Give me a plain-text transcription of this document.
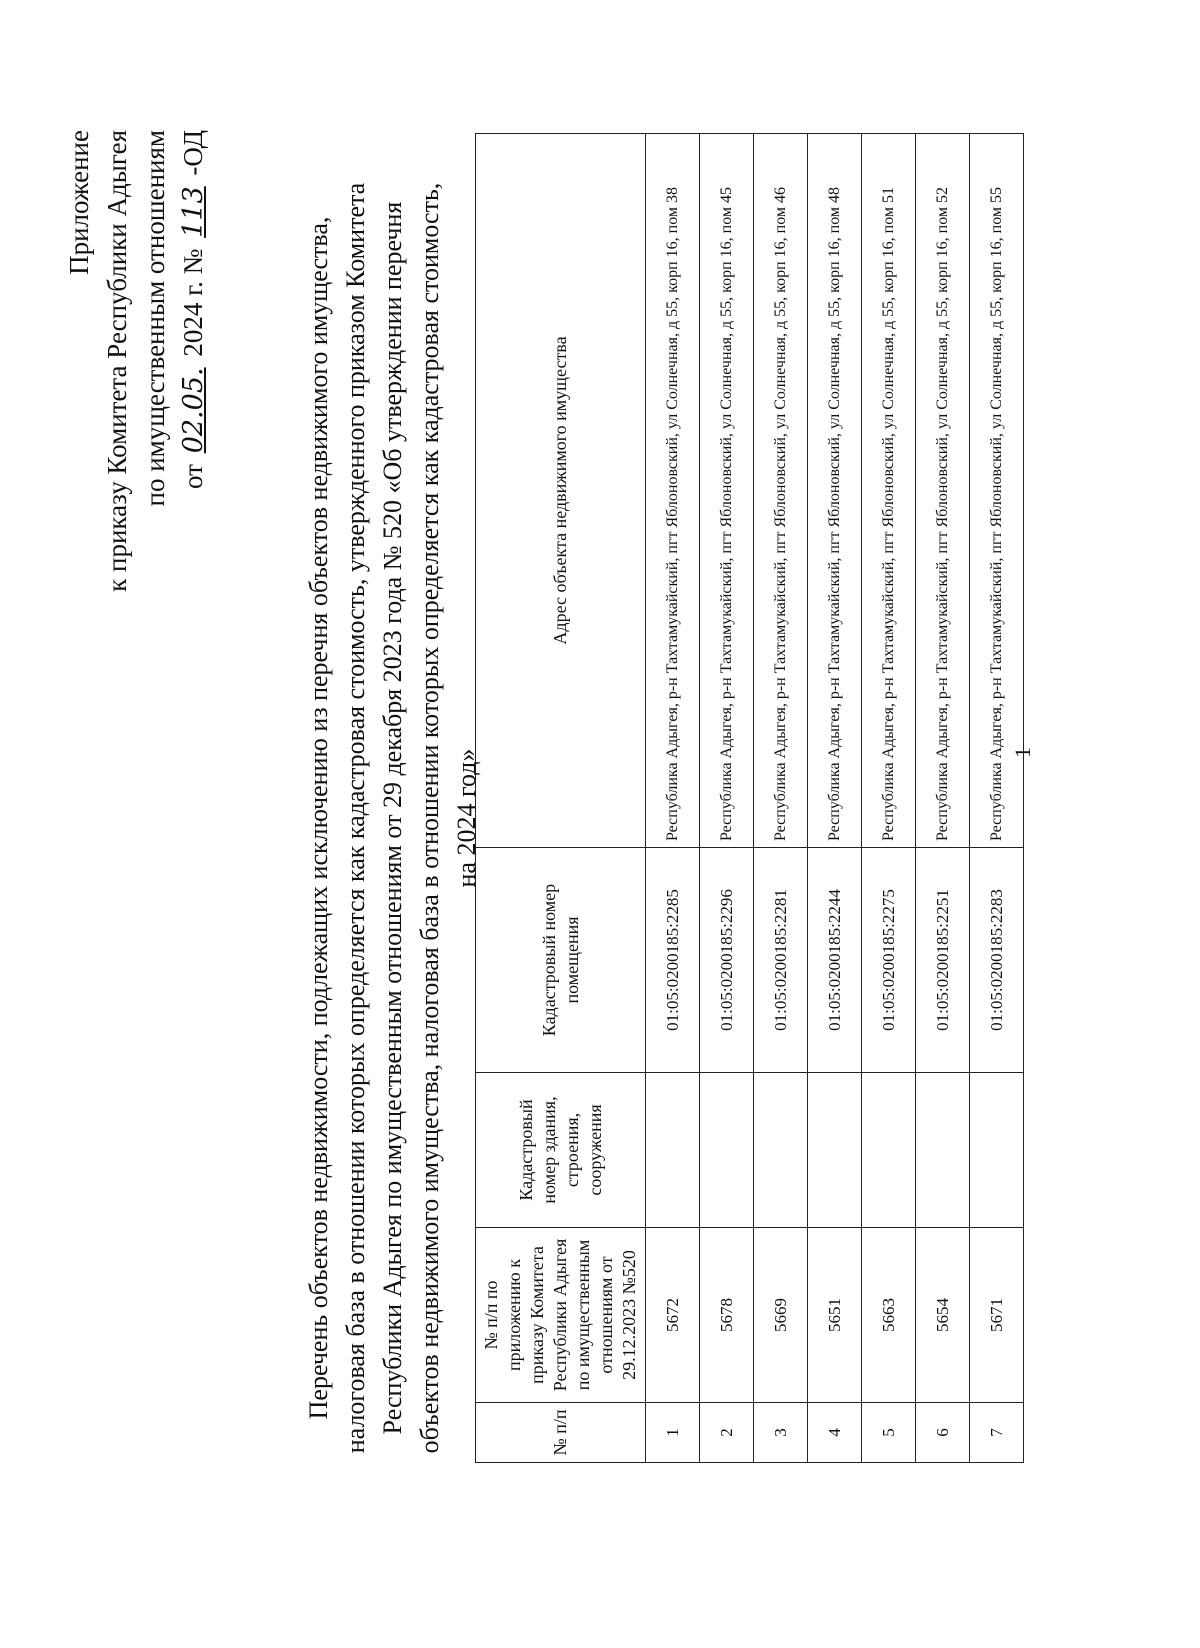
Приложение к приказу Комитета Республики Адыгея по имущественным отношениям от 02.05. 2024 г. № 113 -ОД
Перечень объектов недвижимости, подлежащих исключению из перечня объектов недвижимого имущества, налоговая база в отношении которых определяется как кадастровая стоимость, утвержденного приказом Комитета Республики Адыгея по имущественным отношениям от 29 декабря 2023 года № 520 «Об утверждении перечня объектов недвижимого имущества, налоговая база в отношении которых определяется как кадастровая стоимость, на 2024 год»
№ п/п	№ п/п по приложению к приказу Комитета Республики Адыгея по имущественным отношениям от 29.12.2023 №520	Кадастровый номер здания, строения, сооружения	Кадастровый номер помещения	Адрес объекта недвижимого имущества
1	5672		01:05:0200185:2285	Республика Адыгея, р-н Тахтамукайский, пгт Яблоновский, ул Солнечная, д 55, корп 16, пом 38
2	5678		01:05:0200185:2296	Республика Адыгея, р-н Тахтамукайский, пгт Яблоновский, ул Солнечная, д 55, корп 16, пом 45
3	5669		01:05:0200185:2281	Республика Адыгея, р-н Тахтамукайский, пгт Яблоновский, ул Солнечная, д 55, корп 16, пом 46
4	5651		01:05:0200185:2244	Республика Адыгея, р-н Тахтамукайский, пгт Яблоновский, ул Солнечная, д 55, корп 16, пом 48
5	5663		01:05:0200185:2275	Республика Адыгея, р-н Тахтамукайский, пгт Яблоновский, ул Солнечная, д 55, корп 16, пом 51
6	5654		01:05:0200185:2251	Республика Адыгея, р-н Тахтамукайский, пгт Яблоновский, ул Солнечная, д 55, корп 16, пом 52
7	5671		01:05:0200185:2283	Республика Адыгея, р-н Тахтамукайский, пгт Яблоновский, ул Солнечная, д 55, корп 16, пом 55 1
